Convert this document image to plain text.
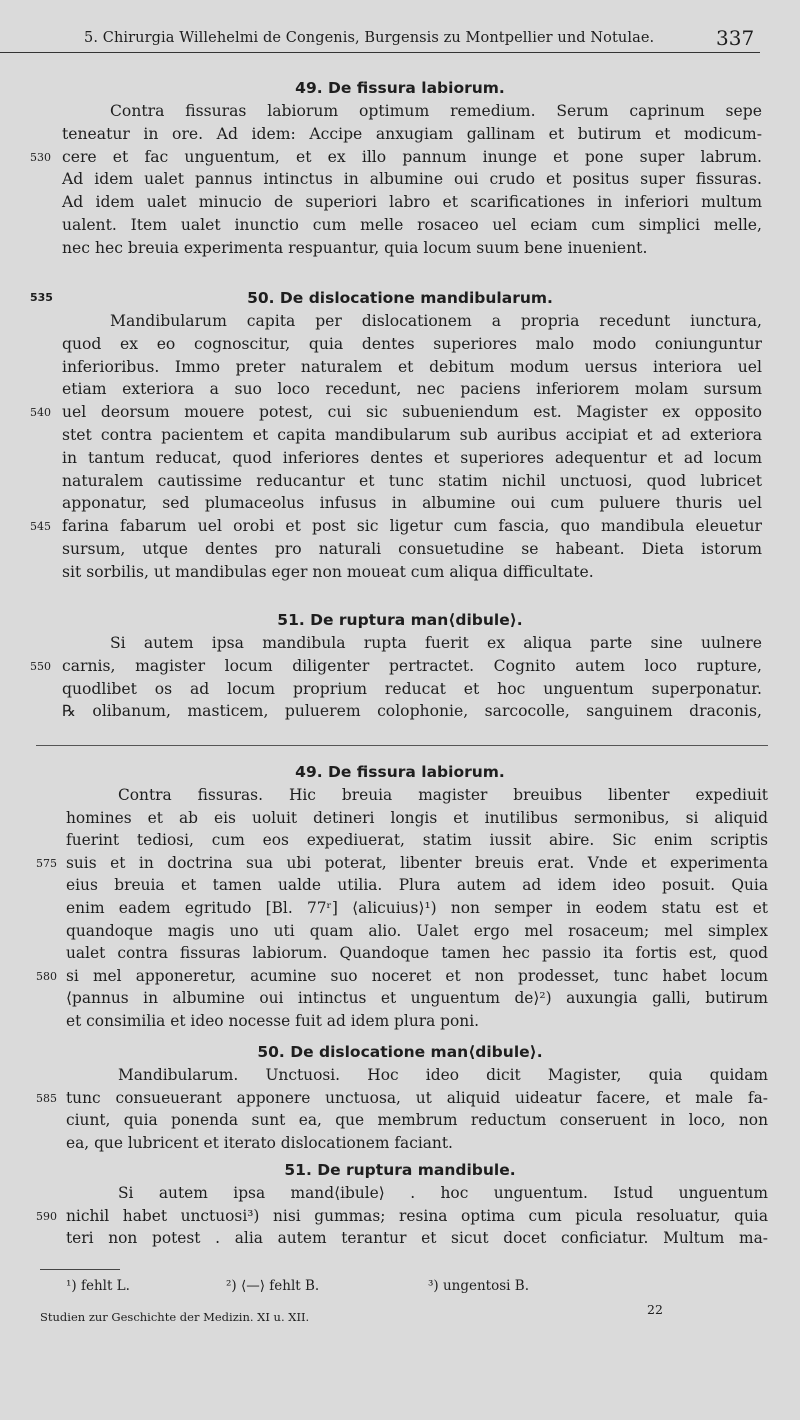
5. Chirurgia Willehelmi de Congenis, Burgensis zu Montpellier und Notulae.	337
49. De fissura labiorum.
Contra fissuras labiorum optimum remedium. Serum caprinum sepe
teneatur in ore. Ad idem: Accipe anxugiam gallinam et butirum et modicum-
530 cere et fac unguentum, et ex illo pannum inunge et pone super labrum.
Ad idem ualet pannus intinctus in albumine oui crudo et positus super fissuras.
Ad idem ualet minucio de superiori labro et scarificationes in inferiori multum
ualent. Item ualet inunctio cum melle rosaceo uel eciam cum simplici melle,
nec hec breuia experimenta respuantur, quia locum suum bene inuenient.
535	50. De dislocatione mandibularum.
Mandibularum capita per dislocationem a propria recedunt iunctura,
quod ex eo cognoscitur, quia dentes superiores malo modo coniunguntur
inferioribus. Immo preter naturalem et debitum modum uersus interiora uel
etiam exteriora a suo loco recedunt, nec paciens inferiorem molam sursum
540 uel deorsum mouere potest, cui sic subueniendum est. Magister ex opposito
stet contra pacientem et capita mandibularum sub auribus accipiat et ad exteriora
in tantum reducat, quod inferiores dentes et superiores adequentur et ad locum
naturalem cautissime reducantur et tunc statim nichil unctuosi, quod lubricet
apponatur, sed plumaceolus infusus in albumine oui cum puluere thuris uel
545 farina fabarum uel orobi et post sic ligetur cum fascia, quo mandibula eleuetur
sursum, utque dentes pro naturali consuetudine se habeant. Dieta istorum
sit sorbilis, ut mandibulas eger non moueat cum aliqua difficultate.
51. De ruptura man⟨dibule⟩.
Si autem ipsa mandibula rupta fuerit ex aliqua parte sine uulnere
550 carnis, magister locum diligenter pertractet. Cognito autem loco rupture,
quodlibet os ad locum proprium reducat et hoc unguentum superponatur.
℞ olibanum, masticem, puluerem colophonie, sarcocolle, sanguinem draconis,
49. De fissura labiorum.
Contra fissuras. Hic breuia magister breuibus libenter expediuit
homines et ab eis uoluit detineri longis et inutilibus sermonibus, si aliquid
fuerint tediosi, cum eos expediuerat, statim iussit abire. Sic enim scriptis
575 suis et in doctrina sua ubi poterat, libenter breuis erat. Vnde et experimenta
eius breuia et tamen ualde utilia. Plura autem ad idem ideo posuit. Quia
enim eadem egritudo [Bl. 77ʳ] ⟨alicuius⟩¹) non semper in eodem statu est et
quandoque magis uno uti quam alio. Ualet ergo mel rosaceum; mel simplex
ualet contra fissuras labiorum. Quandoque tamen hec passio ita fortis est, quod
580 si mel apponeretur, acumine suo noceret et non prodesset, tunc habet locum
⟨pannus in albumine oui intinctus et unguentum de⟩²) auxungia galli, butirum
et consimilia et ideo nocesse fuit ad idem plura poni.
50. De dislocatione man⟨dibule⟩.
Mandibularum. Unctuosi. Hoc ideo dicit Magister, quia quidam
585 tunc consueuerant apponere unctuosa, ut aliquid uideatur facere, et male fa-
ciunt, quia ponenda sunt ea, que membrum reductum conseruent in loco, non
ea, que lubricent et iterato dislocationem faciant.
51. De ruptura mandibule.
Si autem ipsa mand⟨ibule⟩ . hoc unguentum. Istud unguentum
590 nichil habet unctuosi³) nisi gummas; resina optima cum picula resoluatur, quia
teri non potest . alia autem terantur et sicut docet conficiatur. Multum ma-
¹) fehlt L.	²) ⟨—⟩ fehlt B.	³) ungentosi B.
Studien zur Geschichte der Medizin. XI u. XII.	22
